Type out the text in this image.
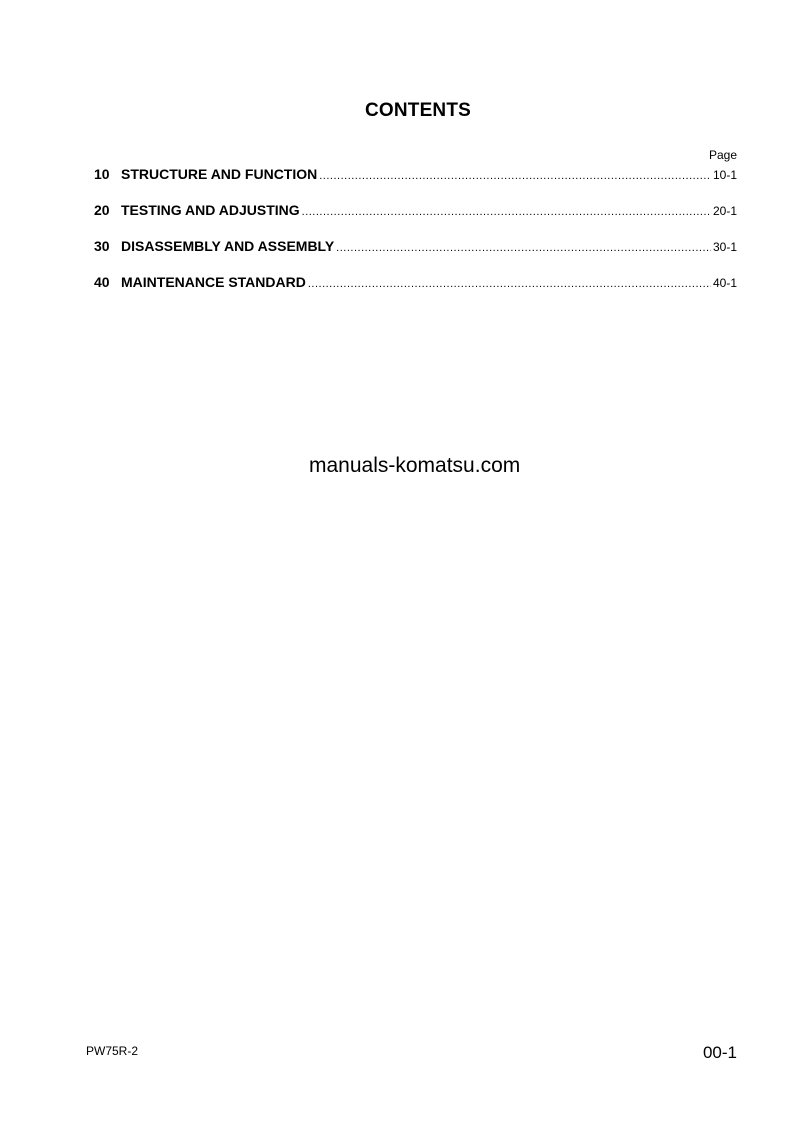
CONTENTS
Page
10 STRUCTURE AND FUNCTION .....	10-1
20 TESTING AND ADJUSTING .....	20-1
30 DISASSEMBLY AND ASSEMBLY .....	30-1
40 MAINTENANCE STANDARD .....	40-1
manuals-komatsu.com
PW75R-2	00-1
